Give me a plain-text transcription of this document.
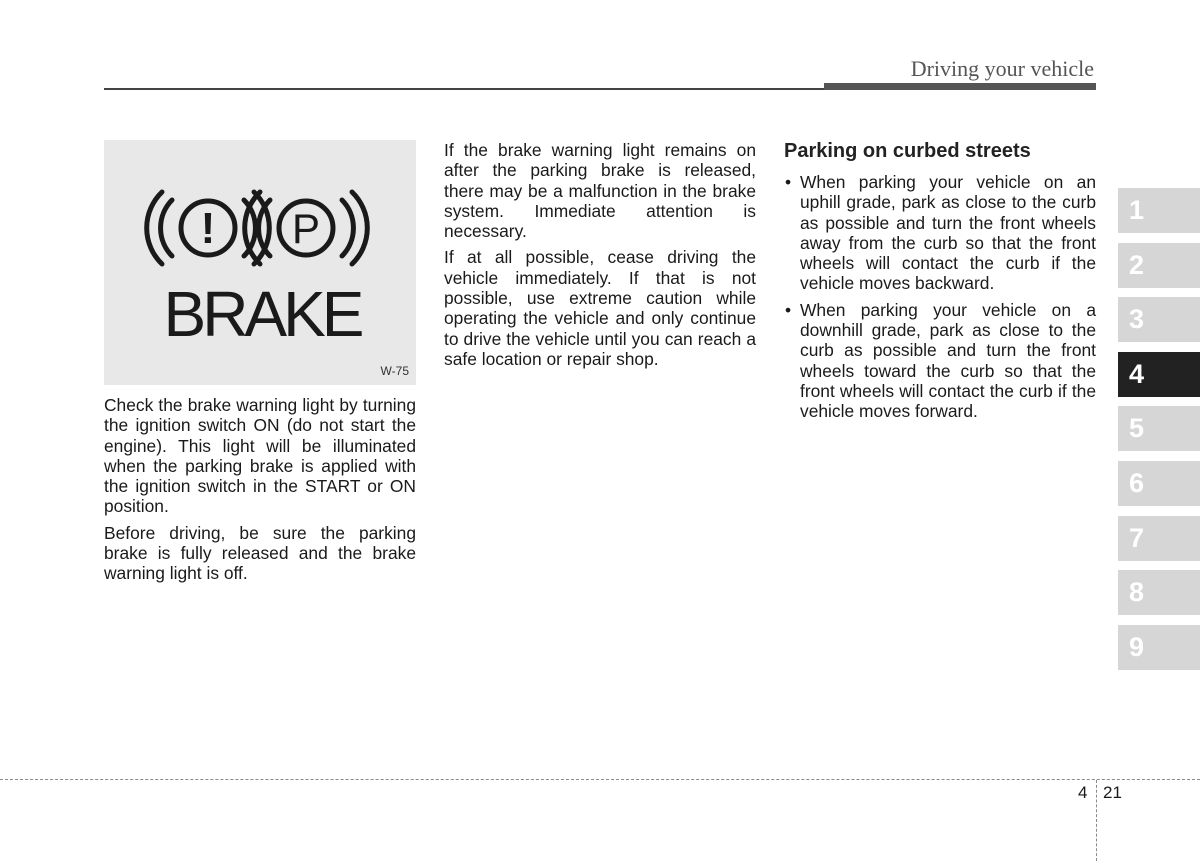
Driving your vehicle
! P
BRAKE
W-75

Check the brake warning light by turning the ignition switch ON (do not start the engine). This light will be illuminated when the parking brake is applied with the ignition switch in the START or ON position.

Before driving, be sure the parking brake is fully released and the brake warning light is off.

If the brake warning light remains on after the parking brake is released, there may be a malfunction in the brake system. Immediate attention is necessary.

If at all possible, cease driving the vehicle immediately. If that is not possible, use extreme caution while operating the vehicle and only continue to drive the vehicle until you can reach a safe location or repair shop.

Parking on curbed streets
• When parking your vehicle on an uphill grade, park as close to the curb as possible and turn the front wheels away from the curb so that the front wheels will contact the curb if the vehicle moves backward.
• When parking your vehicle on a downhill grade, park as close to the curb as possible and turn the front wheels toward the curb so that the front wheels will contact the curb if the vehicle moves forward.
1
2
3
4
5
6
7
8
9
4 21
